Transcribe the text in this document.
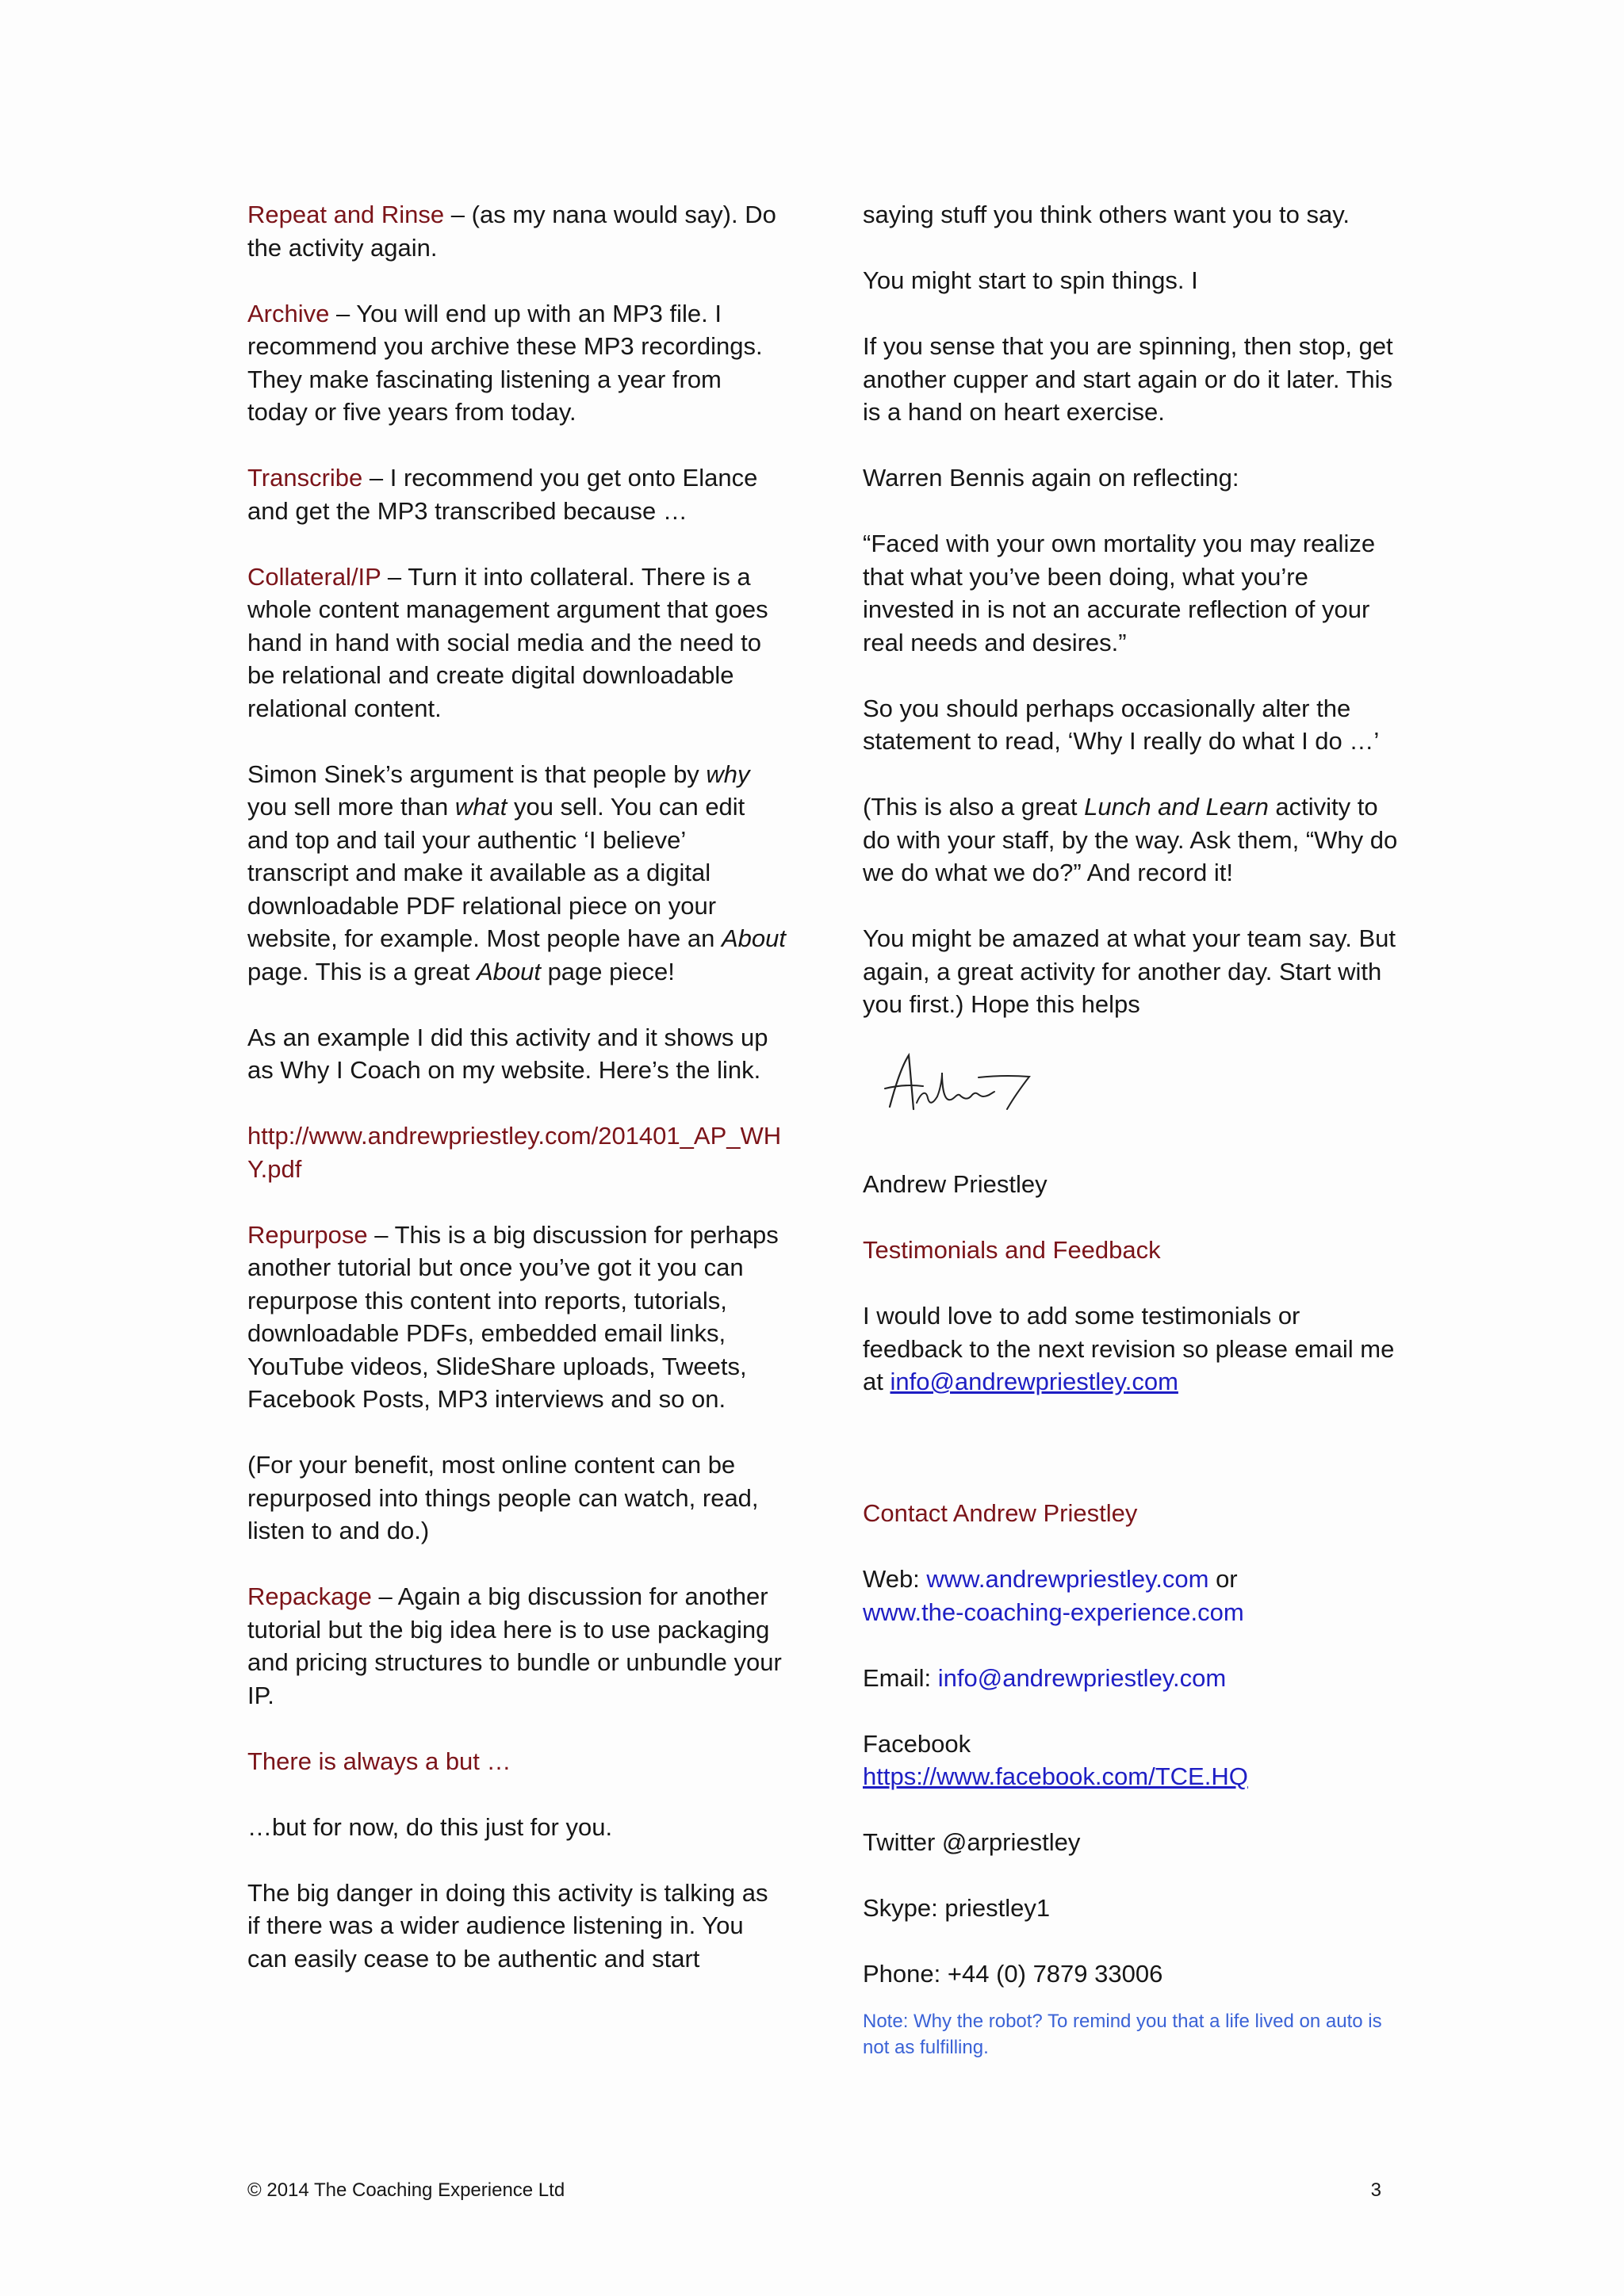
Repeat and Rinse – (as my nana would say). Do the activity again.

Archive – You will end up with an MP3 file. I recommend you archive these MP3 recordings. They make fascinating listening a year from today or five years from today.

Transcribe – I recommend you get onto Elance and get the MP3 transcribed because …

Collateral/IP – Turn it into collateral. There is a whole content management argument that goes hand in hand with social media and the need to be relational and create digital downloadable relational content.

Simon Sinek’s argument is that people by why you sell more than what you sell. You can edit and top and tail your authentic ‘I believe’ transcript and make it available as a digital downloadable PDF relational piece on your website, for example. Most people have an About page. This is a great About page piece!

As an example I did this activity and it shows up as Why I Coach on my website. Here’s the link.

http://www.andrewpriestley.com/201401_AP_WHY.pdf

Repurpose – This is a big discussion for perhaps another tutorial but once you’ve got it you can repurpose this content into reports, tutorials, downloadable PDFs, embedded email links, YouTube videos, SlideShare uploads, Tweets, Facebook Posts, MP3 interviews and so on.

(For your benefit, most online content can be repurposed into things people can watch, read, listen to and do.)

Repackage – Again a big discussion for another tutorial but the big idea here is to use packaging and pricing structures to bundle or unbundle your IP.

There is always a but …

…but for now, do this just for you.

The big danger in doing this activity is talking as if there was a wider audience listening in. You can easily cease to be authentic and start

saying stuff you think others want you to say.

You might start to spin things. I

If you sense that you are spinning, then stop, get another cupper and start again or do it later. This is a hand on heart exercise.

Warren Bennis again on reflecting:

“Faced with your own mortality you may realize that what you’ve been doing, what you’re invested in is not an accurate reflection of your real needs and desires.”

So you should perhaps occasionally alter the statement to read, ‘Why I really do what I do …’

(This is also a great Lunch and Learn activity to do with your staff, by the way. Ask them, “Why do we do what we do?” And record it!

You might be amazed at what your team say. But again, a great activity for another day. Start with you first.) Hope this helps

Andrew Priestley

Testimonials and Feedback

I would love to add some testimonials or feedback to the next revision so please email me at info@andrewpriestley.com

Contact Andrew Priestley

Web: www.andrewpriestley.com or
www.the-coaching-experience.com

Email: info@andrewpriestley.com

Facebook
https://www.facebook.com/TCE.HQ

Twitter @arpriestley

Skype: priestley1

Phone: +44 (0) 7879 33006

Note: Why the robot? To remind you that a life lived on auto is not as fulfilling.

© 2014 The Coaching Experience Ltd	3
